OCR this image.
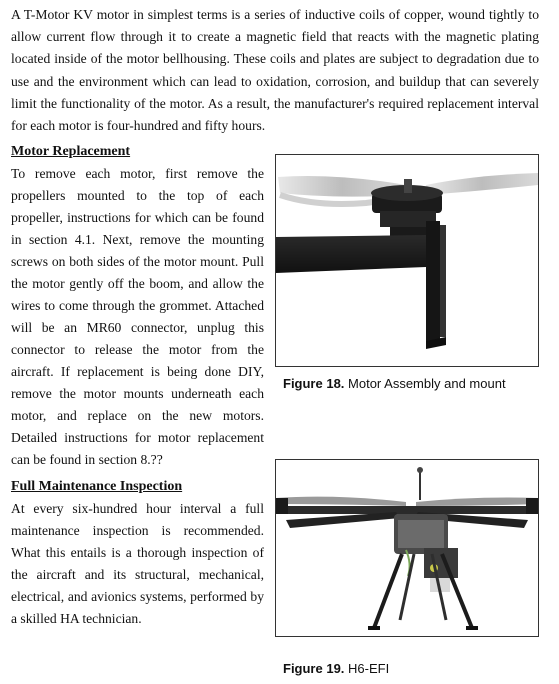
A T-Motor KV motor in simplest terms is a series of inductive coils of copper, wound tightly to allow current flow through it to create a magnetic field that reacts with the magnetic plating located inside of the motor bellhousing. These coils and plates are subject to degradation due to use and the environment which can lead to oxidation, corrosion, and buildup that can severely limit the functionality of the motor. As a result, the manufacturer's required replacement interval for each motor is four-hundred and fifty hours.

Motor Replacement

To remove each motor, first remove the propellers mounted to the top of each propeller, instructions for which can be found in section 4.1. Next, remove the mounting screws on both sides of the motor mount. Pull the motor gently off the boom, and allow the wires to come through the grommet. Attached will be an MR60 connector, unplug this connector to release the motor from the aircraft. If replacement is being done DIY, remove the motor mounts underneath each motor, and replace on the new motors. Detailed instructions for motor replacement can be found in section 8.??

Full Maintenance Inspection

At every six-hundred hour interval a full maintenance inspection is recommended. What this entails is a thorough inspection of the aircraft and its structural, mechanical, electrical, and avionics systems, performed by a skilled HA technician.

Figure 18. Motor Assembly and mount

Figure 19. H6-EFI
